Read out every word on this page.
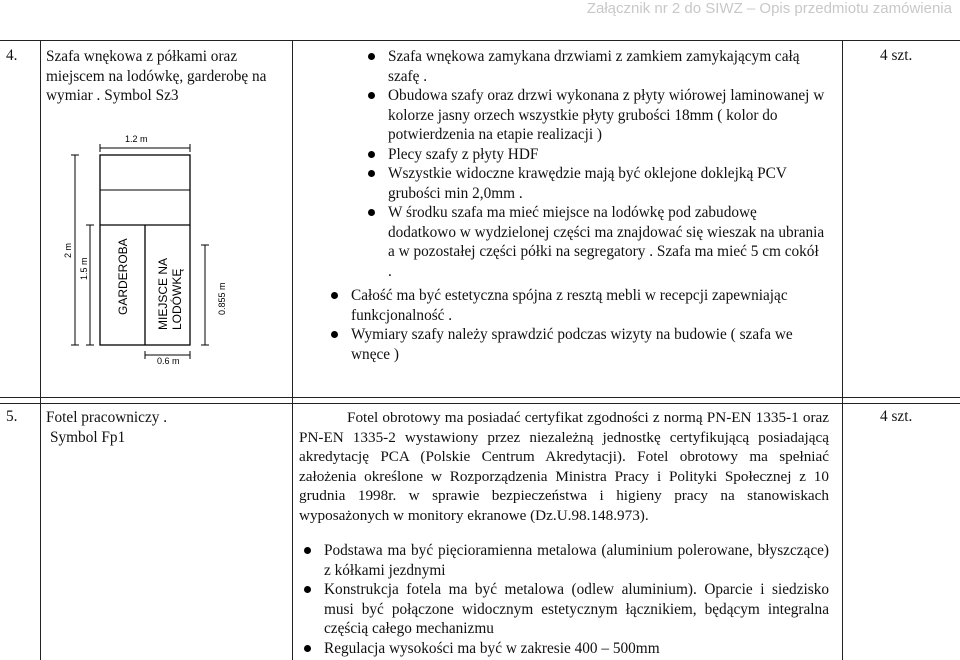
Załącznik nr 2 do SIWZ – Opis przedmiotu zamówienia
4. Szafa wnękowa z półkami oraz
miejscem na lodówkę, garderobę na
wymiar . Symbol Sz3
1.2 m
2 m
1.5 m
0.855 m
0.6 m
GARDEROBA MIEJSCE NA LODÓWKĘ
Szafa wnękowa zamykana drzwiami z zamkiem zamykającym całą szafę .
Obudowa szafy oraz drzwi wykonana z płyty wiórowej laminowanej w kolorze jasny orzech wszystkie płyty grubości 18mm ( kolor do potwierdzenia na etapie realizacji )
Plecy szafy z płyty HDF
Wszystkie widoczne krawędzie mają być oklejone doklejką PCV grubości min 2,0mm .
W środku szafa ma mieć miejsce na lodówkę pod zabudowę dodatkowo w wydzielonej części ma znajdować się wieszak na ubrania a w pozostałej części półki na segregatory . Szafa ma mieć 5 cm cokół .
Całość ma być estetyczna spójna z resztą mebli w recepcji zapewniając funkcjonalność .
Wymiary szafy należy sprawdzić podczas wizyty na budowie ( szafa we wnęce )
4 szt.
5. Fotel pracowniczy .
Symbol Fp1
Fotel obrotowy ma posiadać certyfikat zgodności z normą PN-EN 1335-1 oraz PN-EN 1335-2 wystawiony przez niezależną jednostkę certyfikującą posiadającą akredytację PCA (Polskie Centrum Akredytacji). Fotel obrotowy ma spełniać założenia określone w Rozporządzenia Ministra Pracy i Polityki Społecznej z 10 grudnia 1998r. w sprawie bezpieczeństwa i higieny pracy na stanowiskach wyposażonych w monitory ekranowe (Dz.U.98.148.973).
Podstawa ma być pięcioramienna metalowa (aluminium polerowane, błyszczące) z kółkami jezdnymi
Konstrukcja fotela ma być metalowa (odlew aluminium). Oparcie i siedzisko musi być połączone widocznym estetycznym łącznikiem, będącym integralna częścią całego mechanizmu
Regulacja wysokości ma być w zakresie 400 – 500mm
4 szt.
